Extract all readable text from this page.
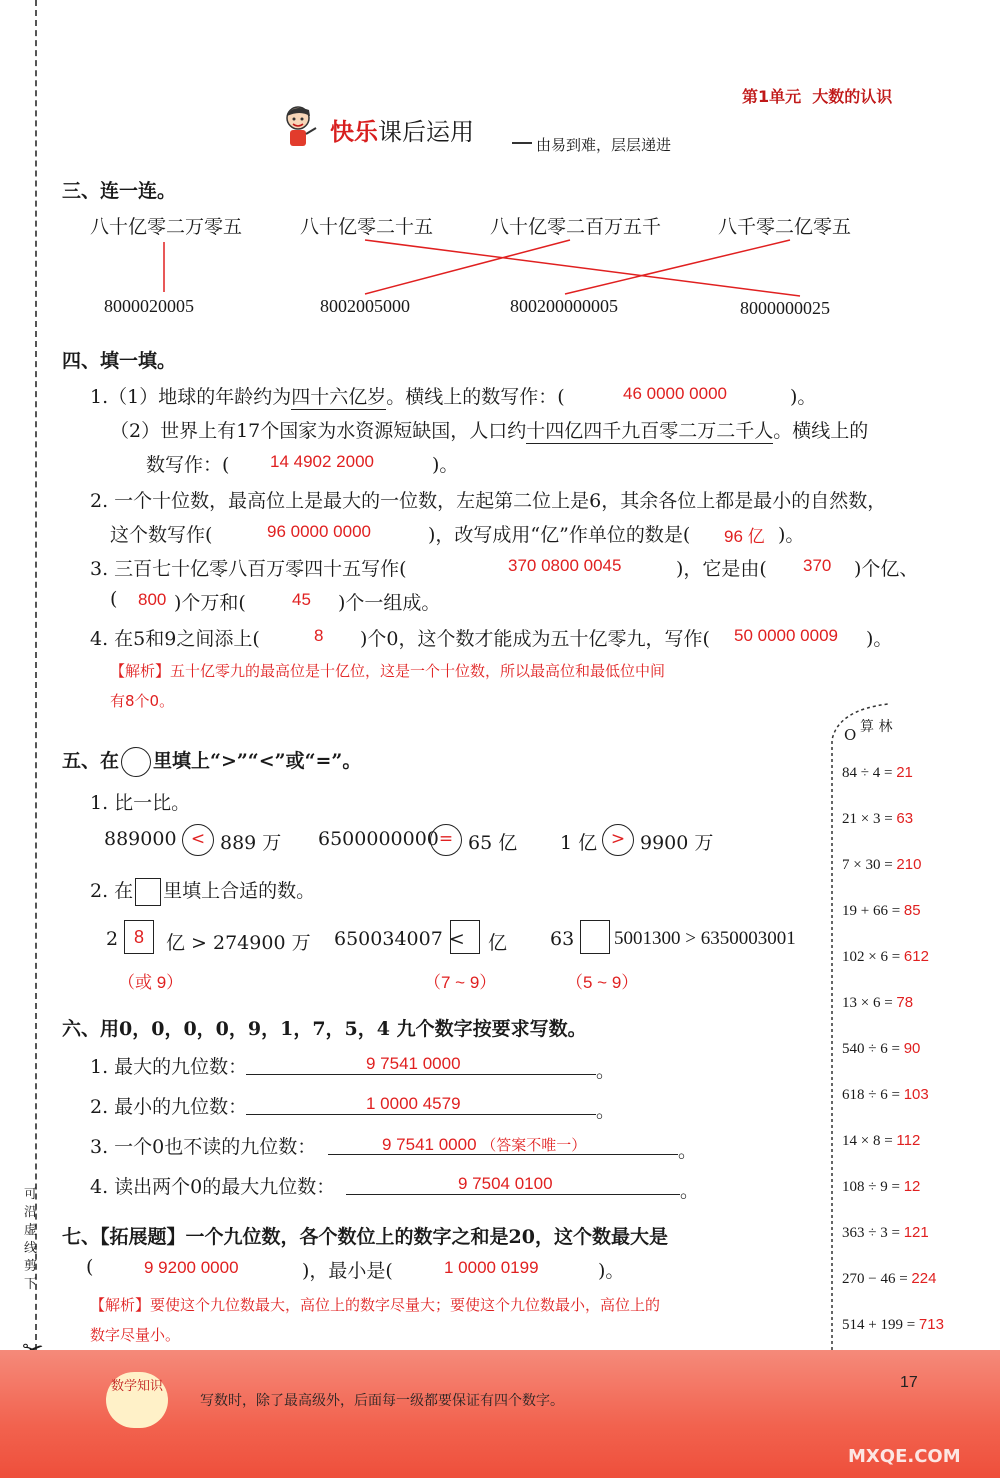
第1单元 大数的认识
快乐课后运用	由易到难，层层递进
三、连一连。
八十亿零二万零五	八十亿零二十五	八十亿零二百万五千	八千零二亿零五
8000020005	8002005000	800200000005	8000000025
四、填一填。
1.（1）地球的年龄约为四十六亿岁。横线上的数写作：(	46 0000 0000	)。
（2）世界上有17个国家为水资源短缺国，人口约十四亿四千九百零二万二千人。横线上的
数写作：( 14 4902 2000	)。
2. 一个十位数，最高位上是最大的一位数，左起第二位上是6，其余各位上都是最小的自然数，
这个数写作(	96 0000 0000	)，改写成用“亿”作单位的数是( 96 亿 )。
3. 三百七十亿零八百万零四十五写作(	370 0800 0045	)，它是由( 370 )个亿、
( 800 )个万和(	45 )个一组成。
4. 在5和9之间添上(	8 )个0，这个数才能成为五十亿零九，写作( 50 0000 0009 )。
【解析】五十亿零九的最高位是十亿位，这是一个十位数，所以最高位和最低位中间
有8个0。
五、在 里填上“>”“<”或“=”。
1. 比一比。
889000 < 889 万 6500000000 = 65 亿 1 亿 > 9900 万
2. 在 里填上合适的数。
2 8	亿 > 274900 万
（或 9）
650034007 < 亿
（7 ~ 9）
63 5001300 > 6350003001
（5 ~ 9）
六、用0，0，0，0，9，1，7，5，4 九个数字按要求写数。
1. 最大的九位数：	9 7541 0000	。
2. 最小的九位数：	1 0000 4579	。
3. 一个0也不读的九位数：	9 7541 0000 （答案不唯一）	。
4. 读出两个0的最大九位数：	9 7504 0100	。
七、【拓展题】一个九位数，各个数位上的数字之和是20，这个数最大是
(	9 9200 0000	)，最小是(	1 0000 0199	)。
【解析】要使这个九位数最大，高位上的数字尽量大；要使这个九位数最小，高位上的
数字尽量小。
O 算 林
84 ÷ 4 = 21
21 × 3 = 63
7 × 30 = 210
19 + 66 = 85
102 × 6 = 612
13 × 6 = 78
540 ÷ 6 = 90
618 ÷ 6 = 103
14 × 8 = 112
108 ÷ 9 = 12
363 ÷ 3 = 121
270 − 46 = 224
514 + 199 = 713
可沿虚线剪下
数学知识
写数时，除了最高级外，后面每一级都要保证有四个数字。
17
MXQE.COM
